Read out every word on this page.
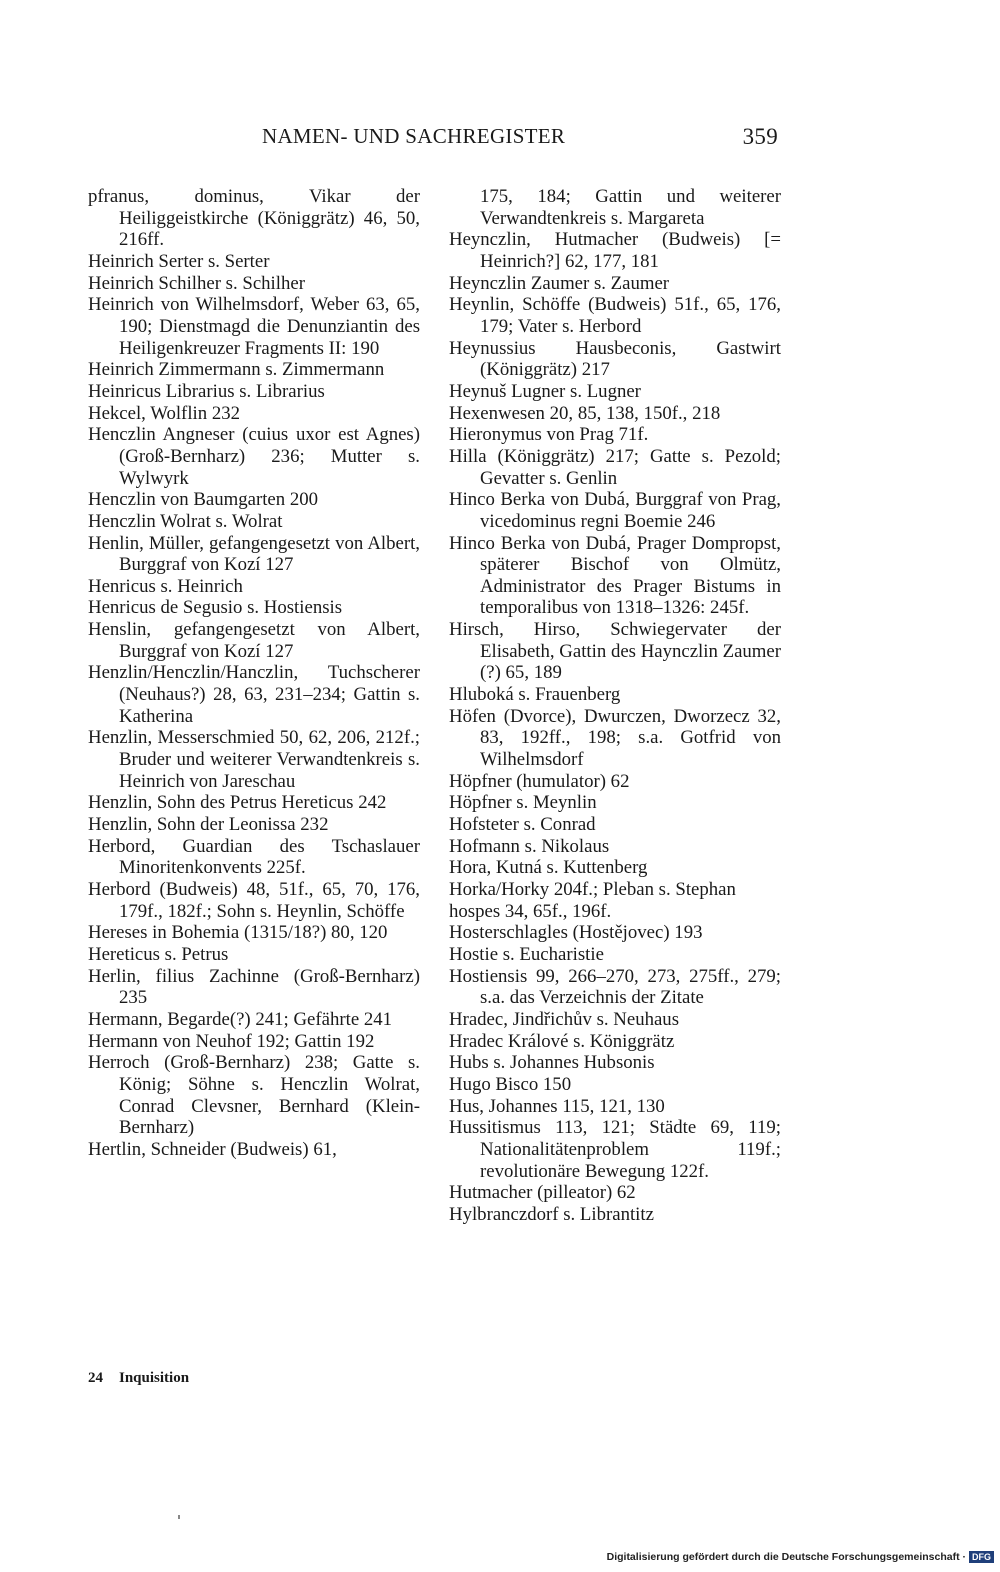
NAMEN- UND SACHREGISTER	359
pfranus, dominus, Vikar der Heiliggeistkirche (Königgrätz) 46, 50, 216ff.
Heinrich Serter s. Serter
Heinrich Schilher s. Schilher
Heinrich von Wilhelmsdorf, Weber 63, 65, 190; Dienstmagd die Denunziantin des Heiligenkreuzer Fragments II: 190
Heinrich Zimmermann s. Zimmermann
Heinricus Librarius s. Librarius
Hekcel, Wolflin 232
Henczlin Angneser (cuius uxor est Agnes) (Groß-Bernharz) 236; Mutter s. Wylwyrk
Henczlin von Baumgarten 200
Henczlin Wolrat s. Wolrat
Henlin, Müller, gefangengesetzt von Albert, Burggraf von Kozí 127
Henricus s. Heinrich
Henricus de Segusio s. Hostiensis
Henslin, gefangengesetzt von Albert, Burggraf von Kozí 127
Henzlin/Henczlin/Hanczlin, Tuchscherer (Neuhaus?) 28, 63, 231–234; Gattin s. Katherina
Henzlin, Messerschmied 50, 62, 206, 212f.; Bruder und weiterer Verwandtenkreis s. Heinrich von Jareschau
Henzlin, Sohn des Petrus Hereticus 242
Henzlin, Sohn der Leonissa 232
Herbord, Guardian des Tschaslauer Minoritenkonvents 225f.
Herbord (Budweis) 48, 51f., 65, 70, 176, 179f., 182f.; Sohn s. Heynlin, Schöffe
Hereses in Bohemia (1315/18?) 80, 120
Hereticus s. Petrus
Herlin, filius Zachinne (Groß-Bernharz) 235
Hermann, Begarde(?) 241; Gefährte 241
Hermann von Neuhof 192; Gattin 192
Herroch (Groß-Bernharz) 238; Gatte s. König; Söhne s. Henczlin Wolrat, Conrad Clevsner, Bernhard (Klein-Bernharz)
Hertlin, Schneider (Budweis) 61,
175, 184; Gattin und weiterer Verwandtenkreis s. Margareta
Heynczlin, Hutmacher (Budweis) [= Heinrich?] 62, 177, 181
Heynczlin Zaumer s. Zaumer
Heynlin, Schöffe (Budweis) 51f., 65, 176, 179; Vater s. Herbord
Heynussius Hausbeconis, Gastwirt (Königgrätz) 217
Heynuš Lugner s. Lugner
Hexenwesen 20, 85, 138, 150f., 218
Hieronymus von Prag 71f.
Hilla (Königgrätz) 217; Gatte s. Pezold; Gevatter s. Genlin
Hinco Berka von Dubá, Burggraf von Prag, vicedominus regni Boemie 246
Hinco Berka von Dubá, Prager Dompropst, späterer Bischof von Olmütz, Administrator des Prager Bistums in temporalibus von 1318–1326: 245f.
Hirsch, Hirso, Schwiegervater der Elisabeth, Gattin des Haynczlin Zaumer (?) 65, 189
Hluboká s. Frauenberg
Höfen (Dvorce), Dwurczen, Dworzecz 32, 83, 192ff., 198; s.a. Gotfrid von Wilhelmsdorf
Höpfner (humulator) 62
Höpfner s. Meynlin
Hofsteter s. Conrad
Hofmann s. Nikolaus
Hora, Kutná s. Kuttenberg
Horka/Horky 204f.; Pleban s. Stephan
hospes 34, 65f., 196f.
Hosterschlagles (Hostějovec) 193
Hostie s. Eucharistie
Hostiensis 99, 266–270, 273, 275ff., 279; s.a. das Verzeichnis der Zitate
Hradec, Jindřichův s. Neuhaus
Hradec Králové s. Königgrätz
Hubs s. Johannes Hubsonis
Hugo Bisco 150
Hus, Johannes 115, 121, 130
Hussitismus 113, 121; Städte 69, 119; Nationalitätenproblem 119f.; revolutionäre Bewegung 122f.
Hutmacher (pilleator) 62
Hylbranczdorf s. Librantitz
24 Inquisition
Digitalisierung gefördert durch die Deutsche Forschungsgemeinschaft · DFG
